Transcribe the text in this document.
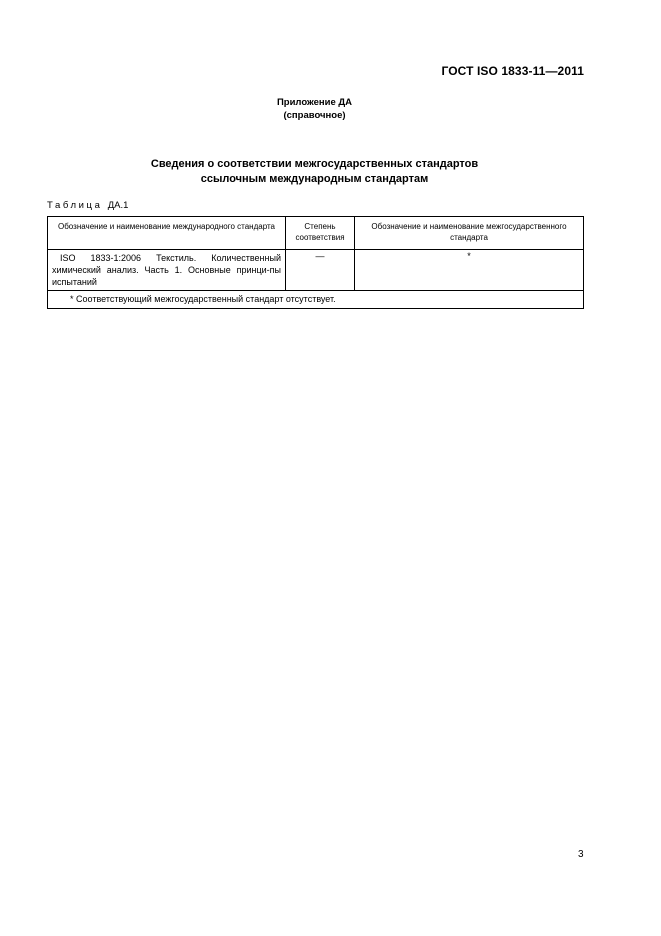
ГОСТ ISO 1833-11—2011
Приложение ДА
(справочное)
Сведения о соответствии межгосударственных стандартов
ссылочным международным стандартам
Таблица ДА.1
Обозначение и наименование международного стандарта	Степень соответствия	Обозначение и наименование межгосударственного стандарта
ISO 1833-1:2006 Текстиль. Количественный химический анализ. Часть 1. Основные принци-пы испытаний	—	*
* Соответствующий межгосударственный стандарт отсутствует.		
3
